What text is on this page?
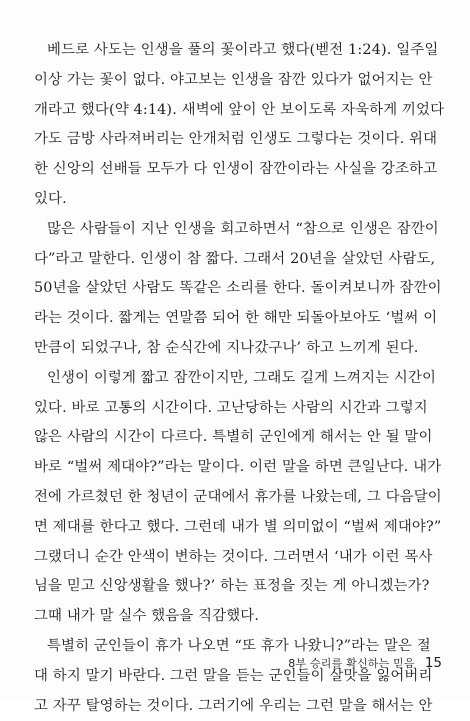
베드로 사도는 인생을 풀의 꽃이라고 했다(벧전 1:24). 일주일
이상 가는 꽃이 없다. 야고보는 인생을 잠깐 있다가 없어지는 안
개라고 했다(약 4:14). 새벽에 앞이 안 보이도록 자욱하게 끼었다
가도 금방 사라져버리는 안개처럼 인생도 그렇다는 것이다. 위대
한 신앙의 선배들 모두가 다 인생이 잠깐이라는 사실을 강조하고
있다.
많은 사람들이 지난 인생을 회고하면서 “참으로 인생은 잠깐이
다”라고 말한다. 인생이 참 짧다. 그래서 20년을 살았던 사람도,
50년을 살았던 사람도 똑같은 소리를 한다. 돌이켜보니까 잠깐이
라는 것이다. 짧게는 연말쯤 되어 한 해만 되돌아보아도 ‘벌써 이
만큼이 되었구나, 참 순식간에 지나갔구나’ 하고 느끼게 된다.
인생이 이렇게 짧고 잠깐이지만, 그래도 길게 느껴지는 시간이
있다. 바로 고통의 시간이다. 고난당하는 사람의 시간과 그렇지
않은 사람의 시간이 다르다. 특별히 군인에게 해서는 안 될 말이
바로 “벌써 제대야?”라는 말이다. 이런 말을 하면 큰일난다. 내가
전에 가르쳤던 한 청년이 군대에서 휴가를 나왔는데, 그 다음달이
면 제대를 한다고 했다. 그런데 내가 별 의미없이 “벌써 제대야?”
그랬더니 순간 안색이 변하는 것이다. 그러면서 ‘내가 이런 목사
님을 믿고 신앙생활을 했나?’ 하는 표정을 짓는 게 아니겠는가?
그때 내가 말 실수 했음을 직감했다.
특별히 군인들이 휴가 나오면 “또 휴가 나왔니?”라는 말은 절
대 하지 말기 바란다. 그런 말을 듣는 군인들이 살맛을 잃어버리
고 자꾸 탈영하는 것이다. 그러기에 우리는 그런 말을 해서는 안
8부 승리를 확신하는 믿음 15
